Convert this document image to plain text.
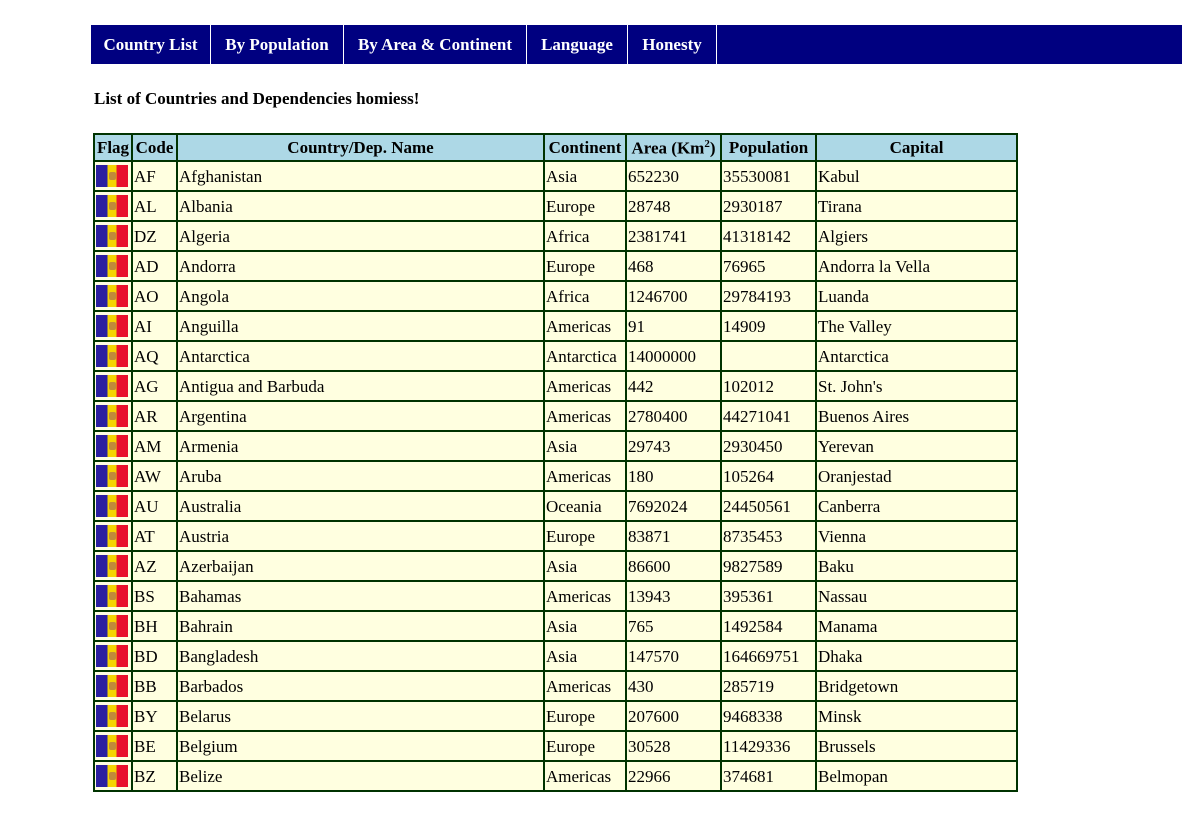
Country List	By Population	By Area & Continent	Language	Honesty
List of Countries and Dependencies homiess!
Flag	Code	Country/Dep. Name	Continent	Area (Km$^2$)	Population	Capital

	AF	Afghanistan	Asia	652230	35530081	Kabul

	AL	Albania	Europe	28748	2930187	Tirana

	DZ	Algeria	Africa	2381741	41318142	Algiers

	AD	Andorra	Europe	468	76965	Andorra la Vella

	AO	Angola	Africa	1246700	29784193	Luanda

	AI	Anguilla	Americas	91	14909	The Valley

	AQ	Antarctica	Antarctica	14000000		Antarctica

	AG	Antigua and Barbuda	Americas	442	102012	St. John's

	AR	Argentina	Americas	2780400	44271041	Buenos Aires

	AM	Armenia	Asia	29743	2930450	Yerevan

	AW	Aruba	Americas	180	105264	Oranjestad

	AU	Australia	Oceania	7692024	24450561	Canberra

	AT	Austria	Europe	83871	8735453	Vienna

	AZ	Azerbaijan	Asia	86600	9827589	Baku

	BS	Bahamas	Americas	13943	395361	Nassau

	BH	Bahrain	Asia	765	1492584	Manama

	BD	Bangladesh	Asia	147570	164669751	Dhaka

	BB	Barbados	Americas	430	285719	Bridgetown

	BY	Belarus	Europe	207600	9468338	Minsk

	BE	Belgium	Europe	30528	11429336	Brussels

	BZ	Belize	Americas	22966	374681	Belmopan
